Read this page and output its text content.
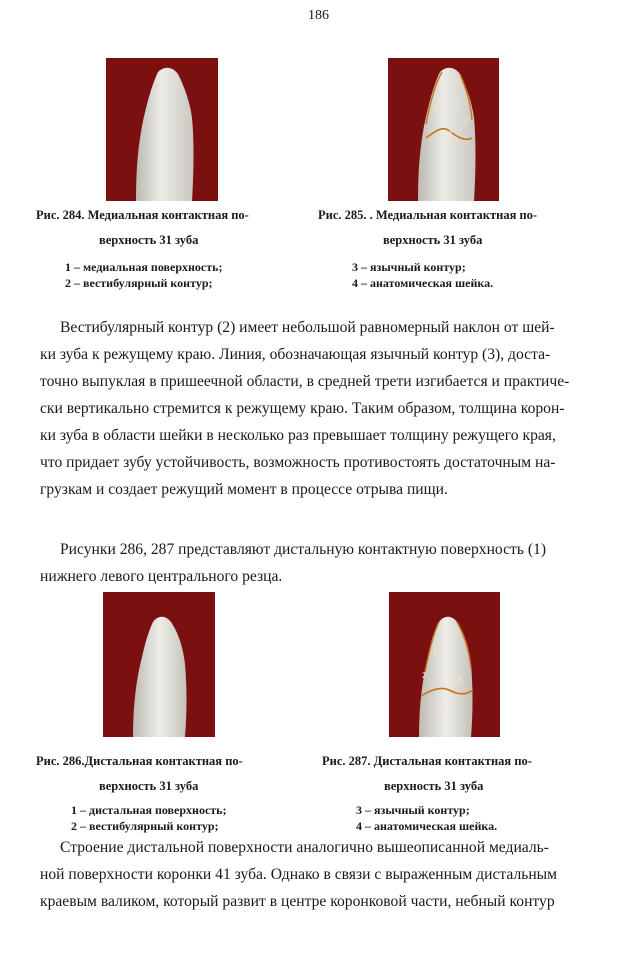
186
Рис. 284. Медиальная контактная по-
верхность 31 зуба
1 – медиальная поверхность;
2 – вестибулярный контур;
1
2
3
4
Рис. 285. . Медиальная контактная по-
верхность 31 зуба
3 – язычный контур;
4 – анатомическая шейка.
Вестибулярный контур (2) имеет небольшой равномерный наклон от шей-
ки зуба к режущему краю. Линия, обозначающая язычный контур (3), доста-
точно выпуклая в пришеечной области, в средней трети изгибается и практиче-
ски вертикально стремится к режущему краю. Таким образом, толщина корон-
ки зуба в области шейки в несколько раз превышает толщину режущего края,
что придает зубу устойчивость, возможность противостоять достаточным на-
грузкам и создает режущий момент в процессе отрыва пищи.
Рисунки 286, 287 представляют дистальную контактную поверхность (1)
нижнего левого центрального резца.
Рис. 286.Дистальная контактная по-
верхность 31 зуба
1 – дистальная поверхность;
2 – вестибулярный контур;
1
2	3
4
Рис. 287. Дистальная контактная по-
верхность 31 зуба
3 – язычный контур;
4 – анатомическая шейка.
Строение дистальной поверхности аналогично вышеописанной медиаль-
ной поверхности коронки 41 зуба. Однако в связи с выраженным дистальным
краевым валиком, который развит в центре коронковой части, небный контур
